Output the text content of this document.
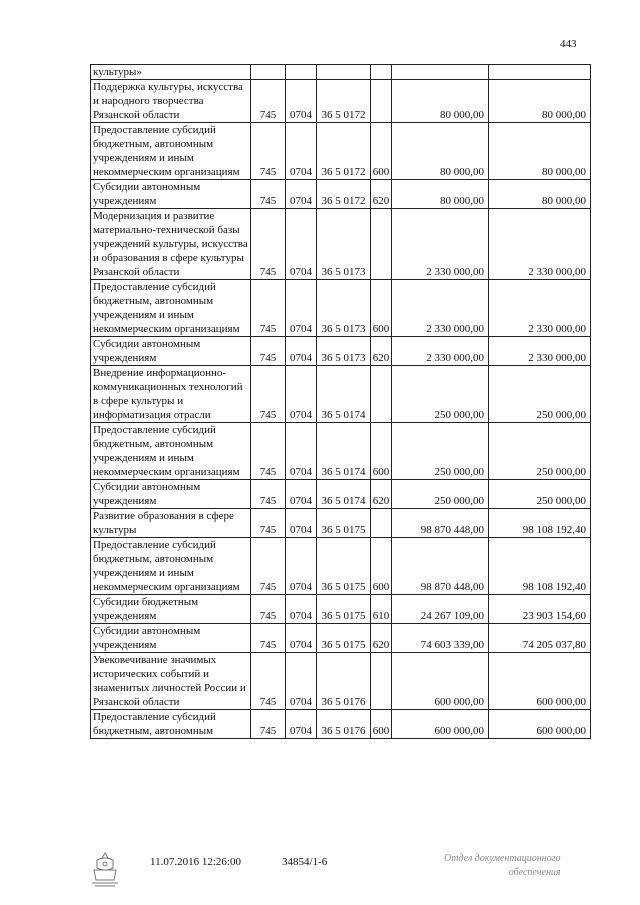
443
культуры»						
Поддержка культуры, искусства и народного творчества Рязанской области	745	0704	36 5 0172		80 000,00	80 000,00
Предоставление субсидий бюджетным, автономным учреждениям и иным некоммерческим организациям	745	0704	36 5 0172	600	80 000,00	80 000,00
Субсидии автономным учреждениям	745	0704	36 5 0172	620	80 000,00	80 000,00
Модернизация и развитие материально-технической базы учреждений культуры, искусства и образования в сфере культуры Рязанской области	745	0704	36 5 0173		2 330 000,00	2 330 000,00
Предоставление субсидий бюджетным, автономным учреждениям и иным некоммерческим организациям	745	0704	36 5 0173	600	2 330 000,00	2 330 000,00
Субсидии автономным учреждениям	745	0704	36 5 0173	620	2 330 000,00	2 330 000,00
Внедрение информационно-коммуникационных технологий в сфере культуры и информатизация отрасли	745	0704	36 5 0174		250 000,00	250 000,00
Предоставление субсидий бюджетным, автономным учреждениям и иным некоммерческим организациям	745	0704	36 5 0174	600	250 000,00	250 000,00
Субсидии автономным учреждениям	745	0704	36 5 0174	620	250 000,00	250 000,00
Развитие образования в сфере культуры	745	0704	36 5 0175		98 870 448,00	98 108 192,40
Предоставление субсидий бюджетным, автономным учреждениям и иным некоммерческим организациям	745	0704	36 5 0175	600	98 870 448,00	98 108 192,40
Субсидии бюджетным учреждениям	745	0704	36 5 0175	610	24 267 109,00	23 903 154,60
Субсидии автономным учреждениям	745	0704	36 5 0175	620	74 603 339,00	74 205 037,80
Увековечивание значимых исторических событий и знаменитых личностей России и Рязанской области	745	0704	36 5 0176		600 000,00	600 000,00
Предоставление субсидий бюджетным, автономным	745	0704	36 5 0176	600	600 000,00	600 000,00
11.07.2016 12:26:00	34854/1-6	Отдел документационного
обеспечения
